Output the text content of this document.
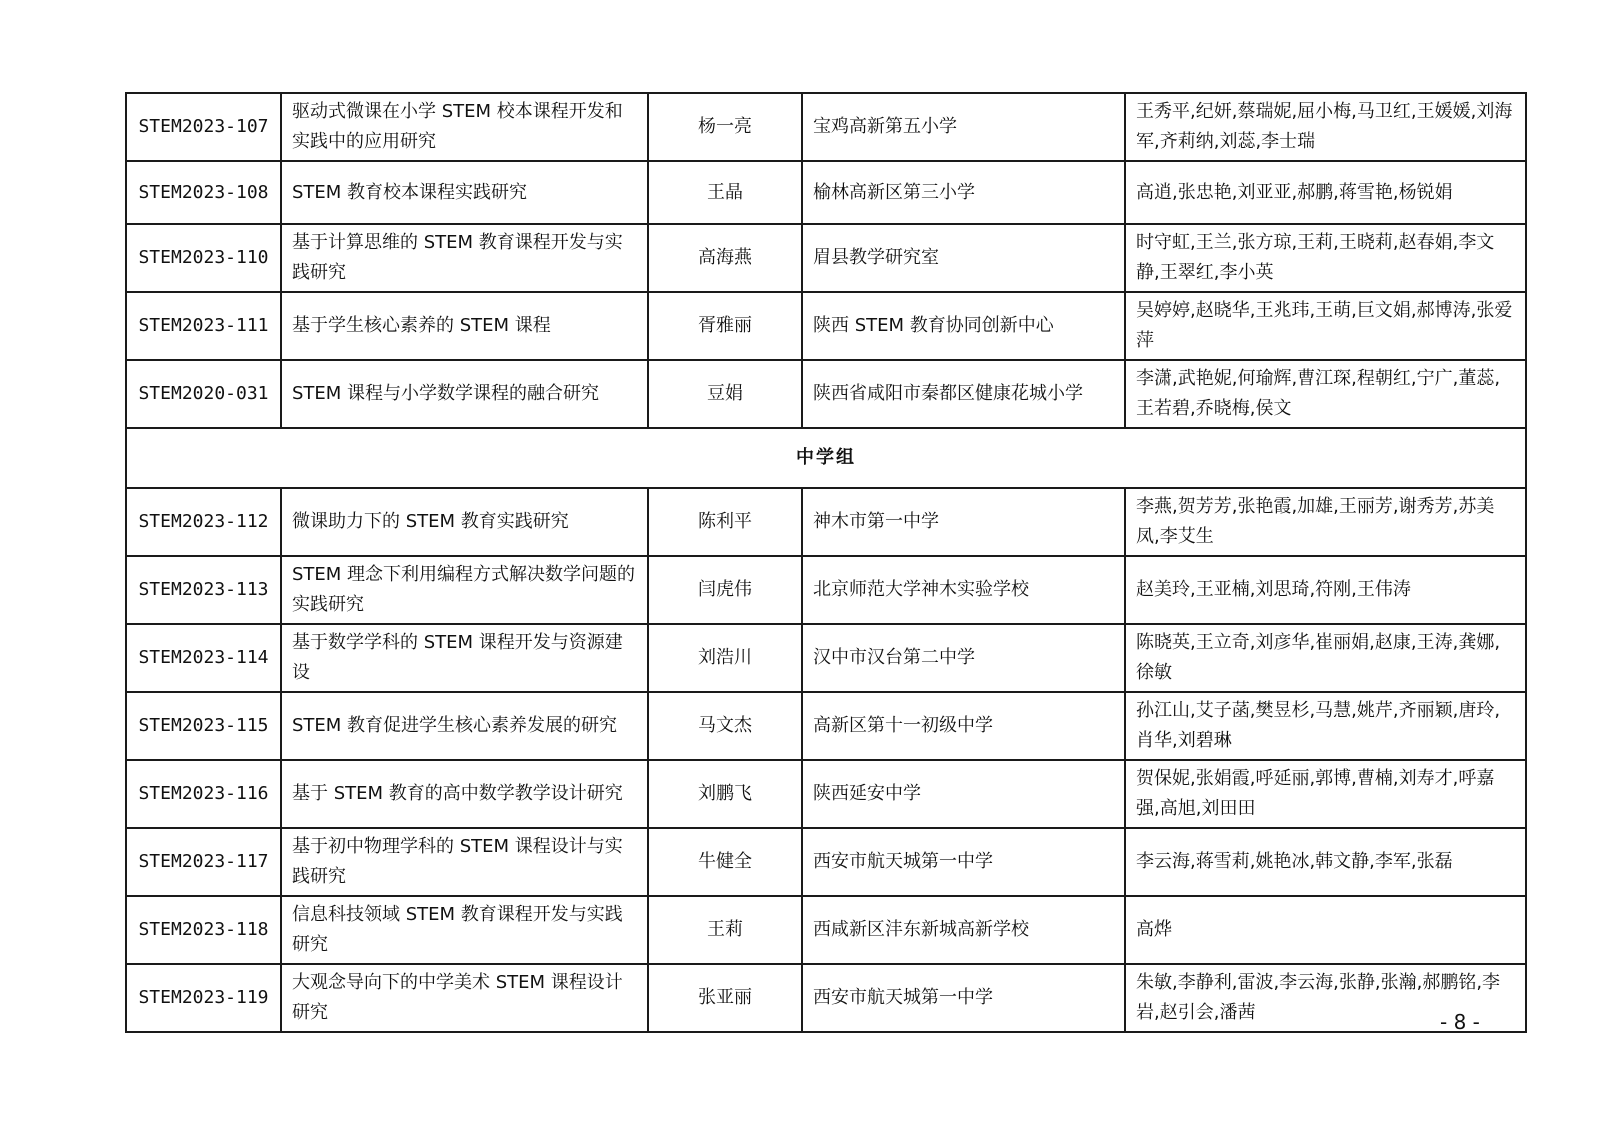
STEM2023-107	驱动式微课在小学 STEM 校本课程开发和实践中的应用研究	杨一亮	宝鸡高新第五小学	王秀平,纪妍,蔡瑞妮,屈小梅,马卫红,王媛媛,刘海军,齐莉纳,刘蕊,李士瑞
STEM2023-108	STEM 教育校本课程实践研究	王晶	榆林高新区第三小学	高逍,张忠艳,刘亚亚,郝鹏,蒋雪艳,杨锐娟
STEM2023-110	基于计算思维的 STEM 教育课程开发与实践研究	高海燕	眉县教学研究室	时守虹,王兰,张方琼,王莉,王晓莉,赵春娟,李文静,王翠红,李小英
STEM2023-111	基于学生核心素养的 STEM 课程	胥雅丽	陕西 STEM 教育协同创新中心	吴婷婷,赵晓华,王兆玮,王萌,巨文娟,郝博涛,张爱萍
STEM2020-031	STEM 课程与小学数学课程的融合研究	豆娟	陕西省咸阳市秦都区健康花城小学	李潇,武艳妮,何瑜辉,曹江琛,程朝红,宁广,董蕊,王若碧,乔晓梅,侯文
中学组				
STEM2023-112	微课助力下的 STEM 教育实践研究	陈利平	神木市第一中学	李燕,贺芳芳,张艳霞,加雄,王丽芳,谢秀芳,苏美凤,李艾生
STEM2023-113	STEM 理念下利用编程方式解决数学问题的实践研究	闫虎伟	北京师范大学神木实验学校	赵美玲,王亚楠,刘思琦,符刚,王伟涛
STEM2023-114	基于数学学科的 STEM 课程开发与资源建设	刘浩川	汉中市汉台第二中学	陈晓英,王立奇,刘彦华,崔丽娟,赵康,王涛,龚娜,徐敏
STEM2023-115	STEM 教育促进学生核心素养发展的研究	马文杰	高新区第十一初级中学	孙江山,艾子菡,樊昱杉,马慧,姚芹,齐丽颖,唐玲,肖华,刘碧琳
STEM2023-116	基于 STEM 教育的高中数学教学设计研究	刘鹏飞	陕西延安中学	贺保妮,张娟霞,呼延丽,郭博,曹楠,刘寿才,呼嘉强,高旭,刘田田
STEM2023-117	基于初中物理学科的 STEM 课程设计与实践研究	牛健全	西安市航天城第一中学	李云海,蒋雪莉,姚艳冰,韩文静,李军,张磊
STEM2023-118	信息科技领域 STEM 教育课程开发与实践研究	王莉	西咸新区沣东新城高新学校	高烨
STEM2023-119	大观念导向下的中学美术 STEM 课程设计研究	张亚丽	西安市航天城第一中学	朱敏,李静利,雷波,李云海,张静,张瀚,郝鹏铭,李岩,赵引会,潘茜	- 8 -
